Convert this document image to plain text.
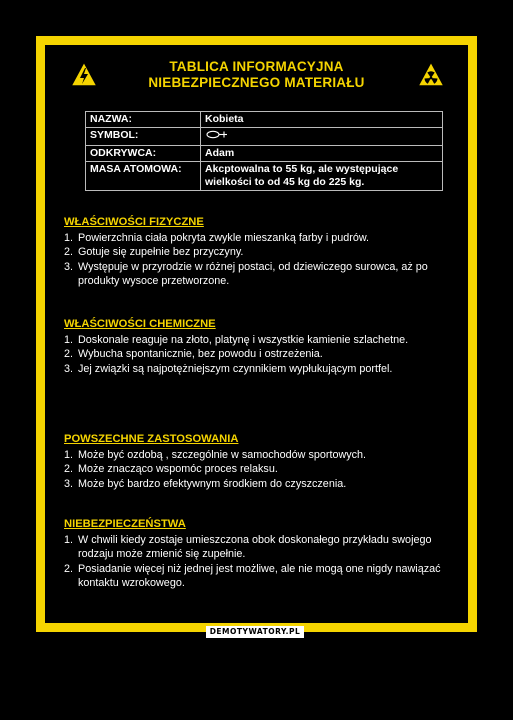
TABLICA INFORMACYJNA
NIEBEZPIECZNEGO MATERIAŁU
NAZWA:	Kobieta
SYMBOL:	
ODKRYWCA:	Adam
MASA ATOMOWA:	Akcptowalna to 55 kg, ale występujące wielkości to od 45 kg do 225 kg.
WŁAŚCIWOŚCI FIZYCZNE
1. Powierzchnia ciała pokryta zwykle mieszanką farby i pudrów.
2. Gotuje się zupełnie bez przyczyny.
3. Występuje w przyrodzie w różnej postaci, od dziewiczego surowca, aż po produkty wysoce przetworzone.
WŁAŚCIWOŚCI CHEMICZNE
1. Doskonale reaguje na złoto, platynę i wszystkie kamienie szlachetne.
2. Wybucha spontanicznie, bez powodu i ostrzeżenia.
3. Jej związki są najpotężniejszym czynnikiem wypłukującym portfel.
POWSZECHNE ZASTOSOWANIA
1. Może być ozdobą , szczególnie w samochodów sportowych.
2. Może znacząco wspomóc proces relaksu.
3. Może być bardzo efektywnym środkiem do czyszczenia.
NIEBEZPIECZEŃSTWA
1. W chwili kiedy zostaje umieszczona obok doskonałego przykładu swojego rodzaju może zmienić się zupełnie.
2. Posiadanie więcej niż jednej jest możliwe, ale nie mogą one nigdy nawiązać kontaktu wzrokowego.
DEMOTYWATORY.PL
